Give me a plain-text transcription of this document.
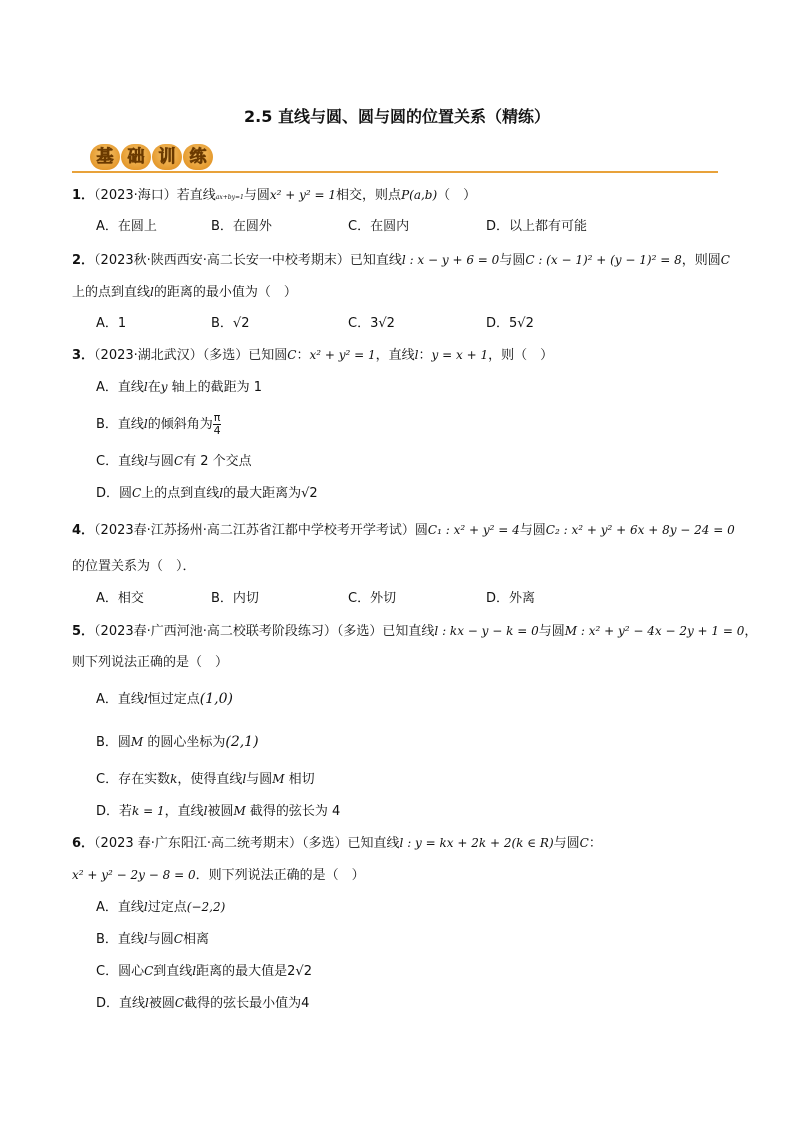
2.5 直线与圆、圆与圆的位置关系（精练）
基 础 训 练
1．（2023·海口）若直线ax+by=1与圆x² + y² = 1相交，则点P(a,b)（　）
A．在圆上	B．在圆外	C．在圆内	D．以上都有可能
2．（2023秋·陕西西安·高二长安一中校考期末）已知直线l : x − y + 6 = 0与圆C : (x − 1)² + (y − 1)² = 8，则圆C
上的点到直线l的距离的最小值为（　）
A．1	B．√2	C．3√2	D．5√2
3．（2023·湖北武汉）（多选）已知圆C：x² + y² = 1，直线l：y = x + 1，则（　）
A．直线l在y 轴上的截距为 1
B．直线l的倾斜角为 $\frac{\pi}{4}$
C．直线l与圆C有 2 个交点
D．圆C上的点到直线l的最大距离为√2
4．（2023春·江苏扬州·高二江苏省江都中学校考开学考试）圆C₁ : x² + y² = 4与圆C₂ : x² + y² + 6x + 8y − 24 = 0
的位置关系为（　）．
A．相交	B．内切	C．外切	D．外离
5．（2023春·广西河池·高二校联考阶段练习）（多选）已知直线l : kx − y − k = 0与圆M : x² + y² − 4x − 2y + 1 = 0，
则下列说法正确的是（　）
A．直线l恒过定点(1,0)
B．圆M 的圆心坐标为(2,1)
C．存在实数k，使得直线l与圆M 相切
D．若k = 1，直线l被圆M 截得的弦长为 4
6．（2023 春·广东阳江·高二统考期末）（多选）已知直线l : y = kx + 2k + 2(k ∈ R)与圆C：
x² + y² − 2y − 8 = 0．则下列说法正确的是（　）
A．直线l过定点(−2,2)
B．直线l与圆C相离
C．圆心C到直线l距离的最大值是2√2
D．直线l被圆C截得的弦长最小值为4
